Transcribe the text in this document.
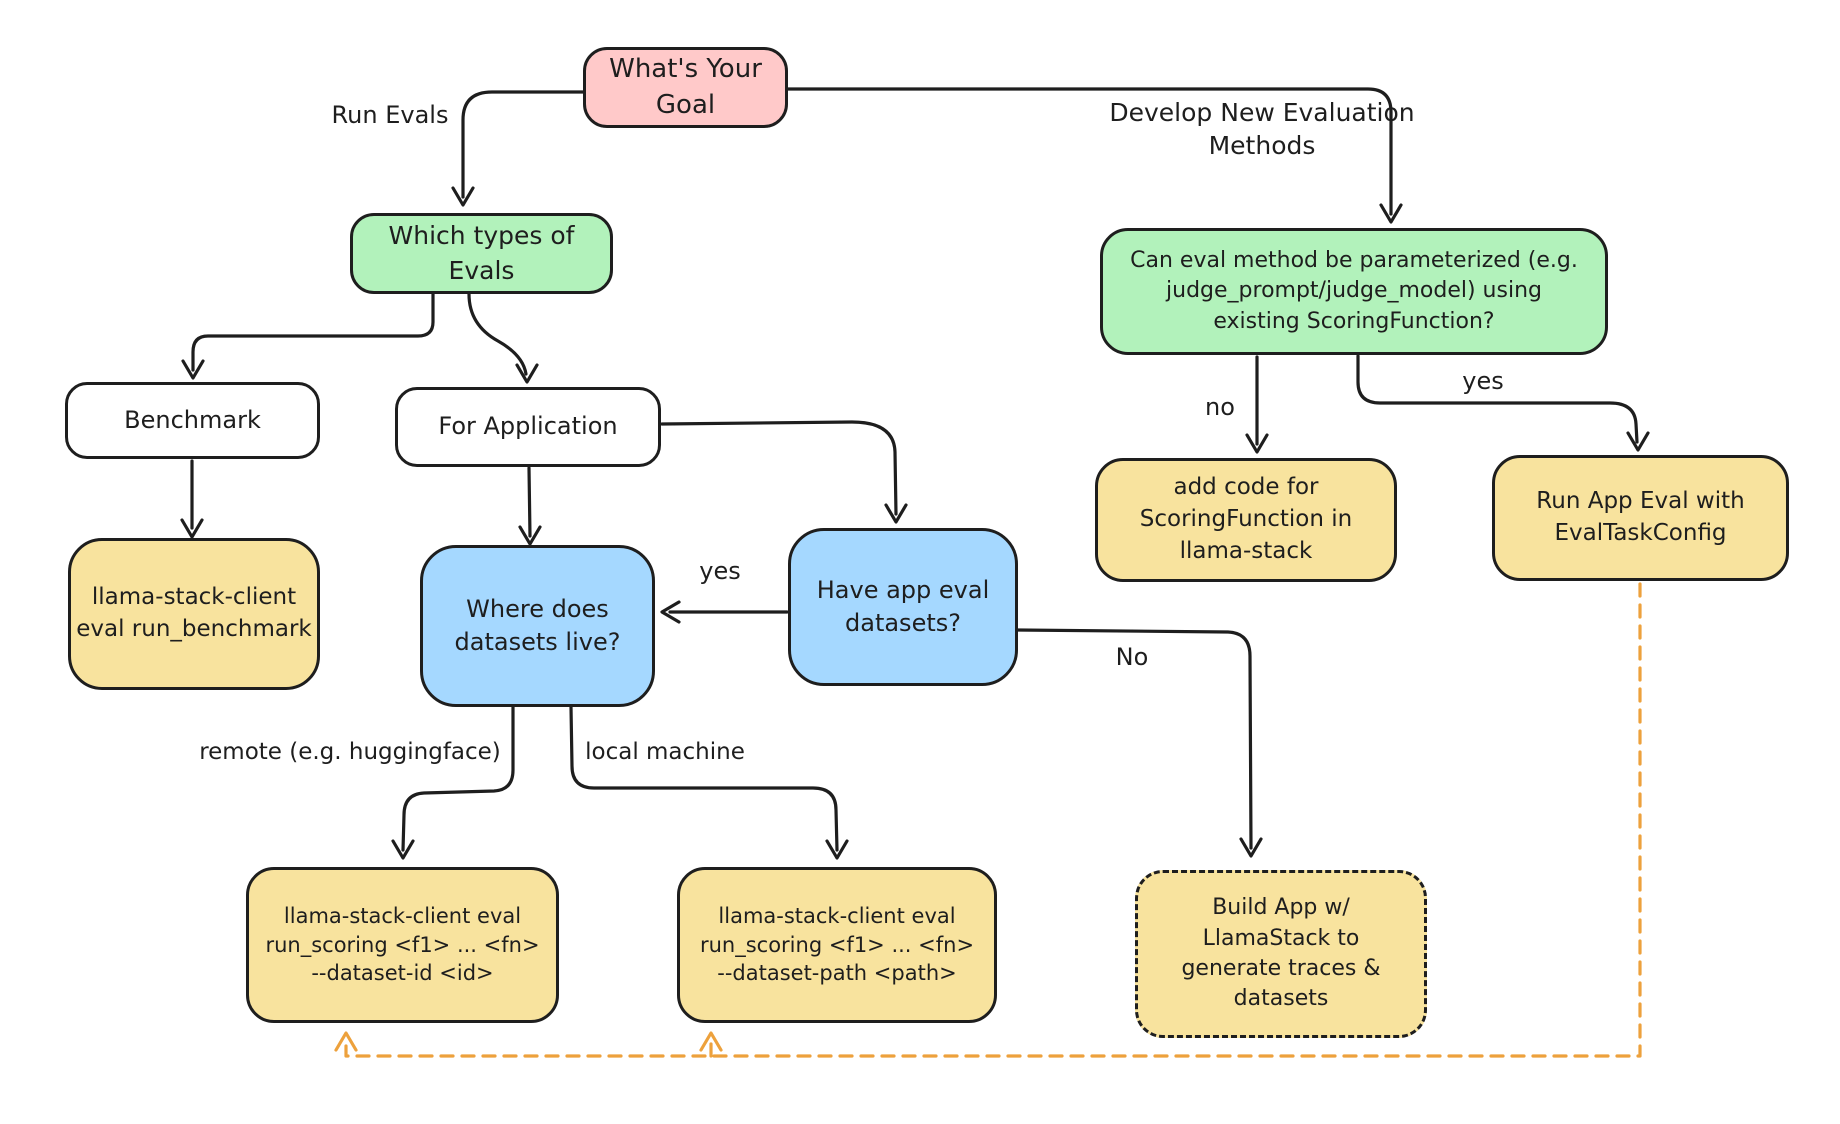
What's Your
Goal
Which types of
Evals	Can eval method be parameterized (e.g.
judge_prompt/judge_model) using
existing ScoringFunction?
Benchmark	For Application
llama-stack-client
eval run_benchmark
Where does
datasets live?
Have app eval
datasets?
add code for
ScoringFunction in
llama-stack
Run App Eval with
EvalTaskConfig
Build App w/
LlamaStack to
generate traces &
datasets
llama-stack-client eval
run_scoring <f1> ... <fn>
--dataset-id <id>
llama-stack-client eval
run_scoring <f1> ... <fn>
--dataset-path <path>
Run Evals	Develop New Evaluation
Methods
no
yes
yes
No
remote (e.g. huggingface)	local machine
